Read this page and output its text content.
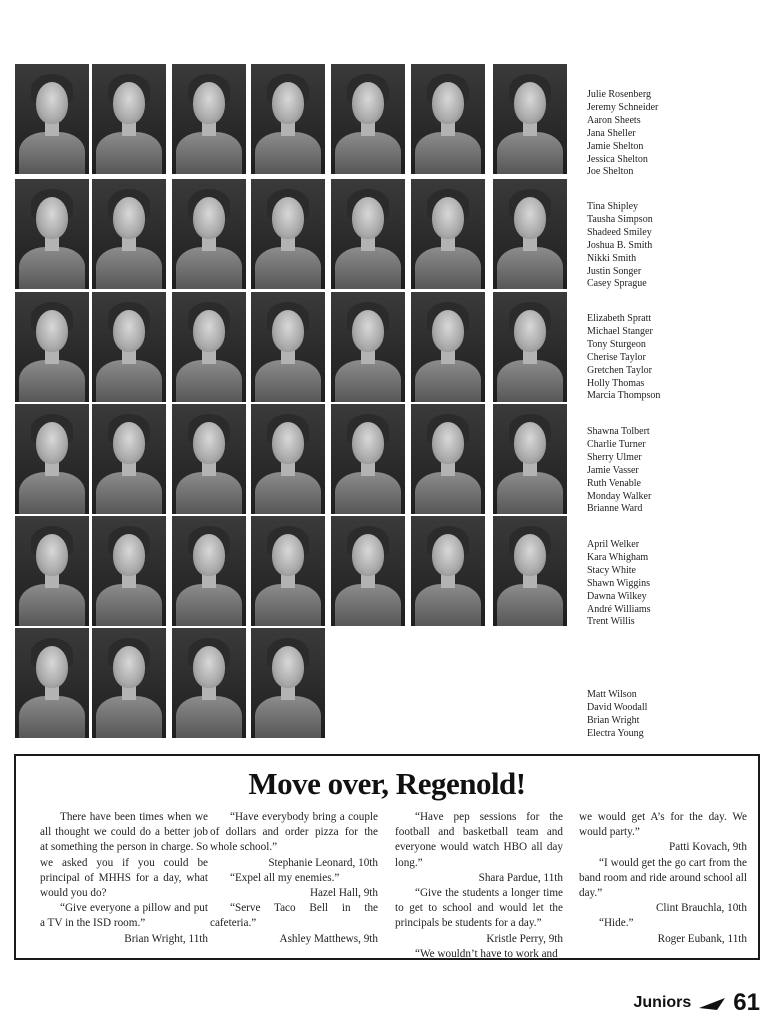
Julie Rosenberg
Jeremy Schneider
Aaron Sheets
Jana Sheller
Jamie Shelton
Jessica Shelton
Joe Shelton
Tina Shipley
Tausha Simpson
Shadeed Smiley
Joshua B. Smith
Nikki Smith
Justin Songer
Casey Sprague
Elizabeth Spratt
Michael Stanger
Tony Sturgeon
Cherise Taylor
Gretchen Taylor
Holly Thomas
Marcia Thompson
Shawna Tolbert
Charlie Turner
Sherry Ulmer
Jamie Vasser
Ruth Venable
Monday Walker
Brianne Ward
April Welker
Kara Whigham
Stacy White
Shawn Wiggins
Dawna Wilkey
André Williams
Trent Willis
Matt Wilson
David Woodall
Brian Wright
Electra Young
Move over, Regenold!

There have been times when we all thought we could do a better job at something the person in charge. So we asked you if you could be principal of MHHS for a day, what would you do?

“Give everyone a pillow and put a TV in the ISD room.”

Brian Wright, 11th

“Have everybody bring a couple of dollars and order pizza for the whole school.”

Stephanie Leonard, 10th

“Expel all my enemies.”

Hazel Hall, 9th

“Serve Taco Bell in the cafeteria.”

Ashley Matthews, 9th

“Have pep sessions for the football and basketball team and everyone would watch HBO all day long.”

Shara Pardue, 11th

“Give the students a longer time to get to school and would let the principals be students for a day.”

Kristle Perry, 9th

“We wouldn’t have to work and

we would get A’s for the day. We would party.”

Patti Kovach, 9th

“I would get the go cart from the band room and ride around school all day.”

Clint Brauchla, 10th

“Hide.”

Roger Eubank, 11th

Juniors 61
